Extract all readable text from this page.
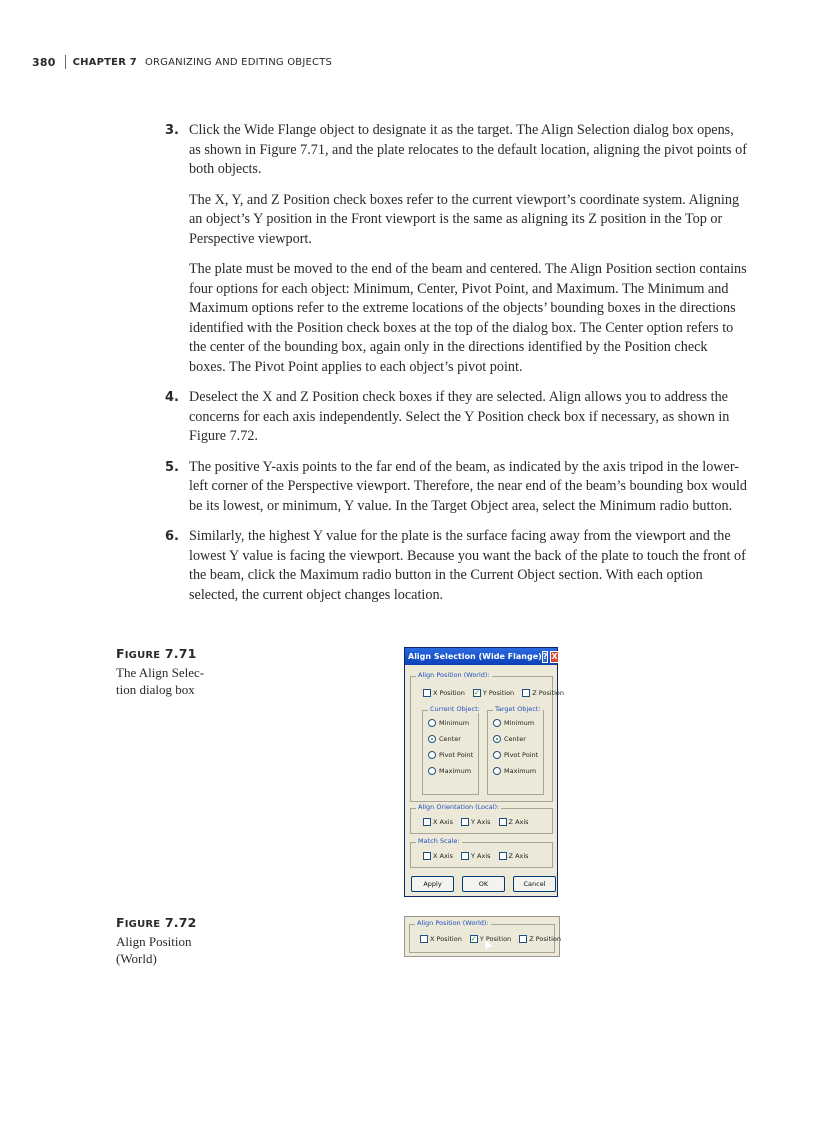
380 CHAPTER 7 ORGANIZING AND EDITING OBJECTS
3. Click the Wide Flange object to designate it as the target. The Align Selection dialog box opens, as shown in Figure 7.71, and the plate relocates to the default location, aligning the pivot points of both objects.

The X, Y, and Z Position check boxes refer to the current viewport’s coordinate system. Aligning an object’s Y position in the Front viewport is the same as aligning its Z position in the Top or Perspective viewport.

The plate must be moved to the end of the beam and centered. The Align Position section contains four options for each object: Minimum, Center, Pivot Point, and Maximum. The Minimum and Maximum options refer to the extreme locations of the objects’ bounding boxes in the directions identified with the Position check boxes at the top of the dialog box. The Center option refers to the center of the bounding box, again only in the directions identified by the Position check boxes. The Pivot Point applies to each object’s pivot point.

4. Deselect the X and Z Position check boxes if they are selected. Align allows you to address the concerns for each axis independently. Select the Y Position check box if necessary, as shown in Figure 7.72.
5. The positive Y-axis points to the far end of the beam, as indicated by the axis tripod in the lower-left corner of the Perspective viewport. Therefore, the near end of the beam’s bounding box would be its lowest, or minimum, Y value. In the Target Object area, select the Minimum radio button.
6. Similarly, the highest Y value for the plate is the surface facing away from the viewport and the lowest Y value is facing the viewport. Because you want the back of the plate to touch the front of the beam, click the Maximum radio button in the Current Object section. With each option selected, the current object changes location.
FIGURE 7.71
The Align Selec-
tion dialog box
Align Selection (Wide Flange) ? X
Align Position (World):
X Position ✓ Y Position	Z Position
Current Object:
Minimum
Center
Pivot Point
Maximum
Target Object:
Minimum
Center
Pivot Point
Maximum
Align Orientation (Local):
X Axis	Y Axis	Z Axis
Match Scale:
X Axis	Y Axis	Z Axis
Apply	OK	Cancel
FIGURE 7.72
Align Position
(World)
Align Position (World):
X Position ✓ Y Position	Z Position
